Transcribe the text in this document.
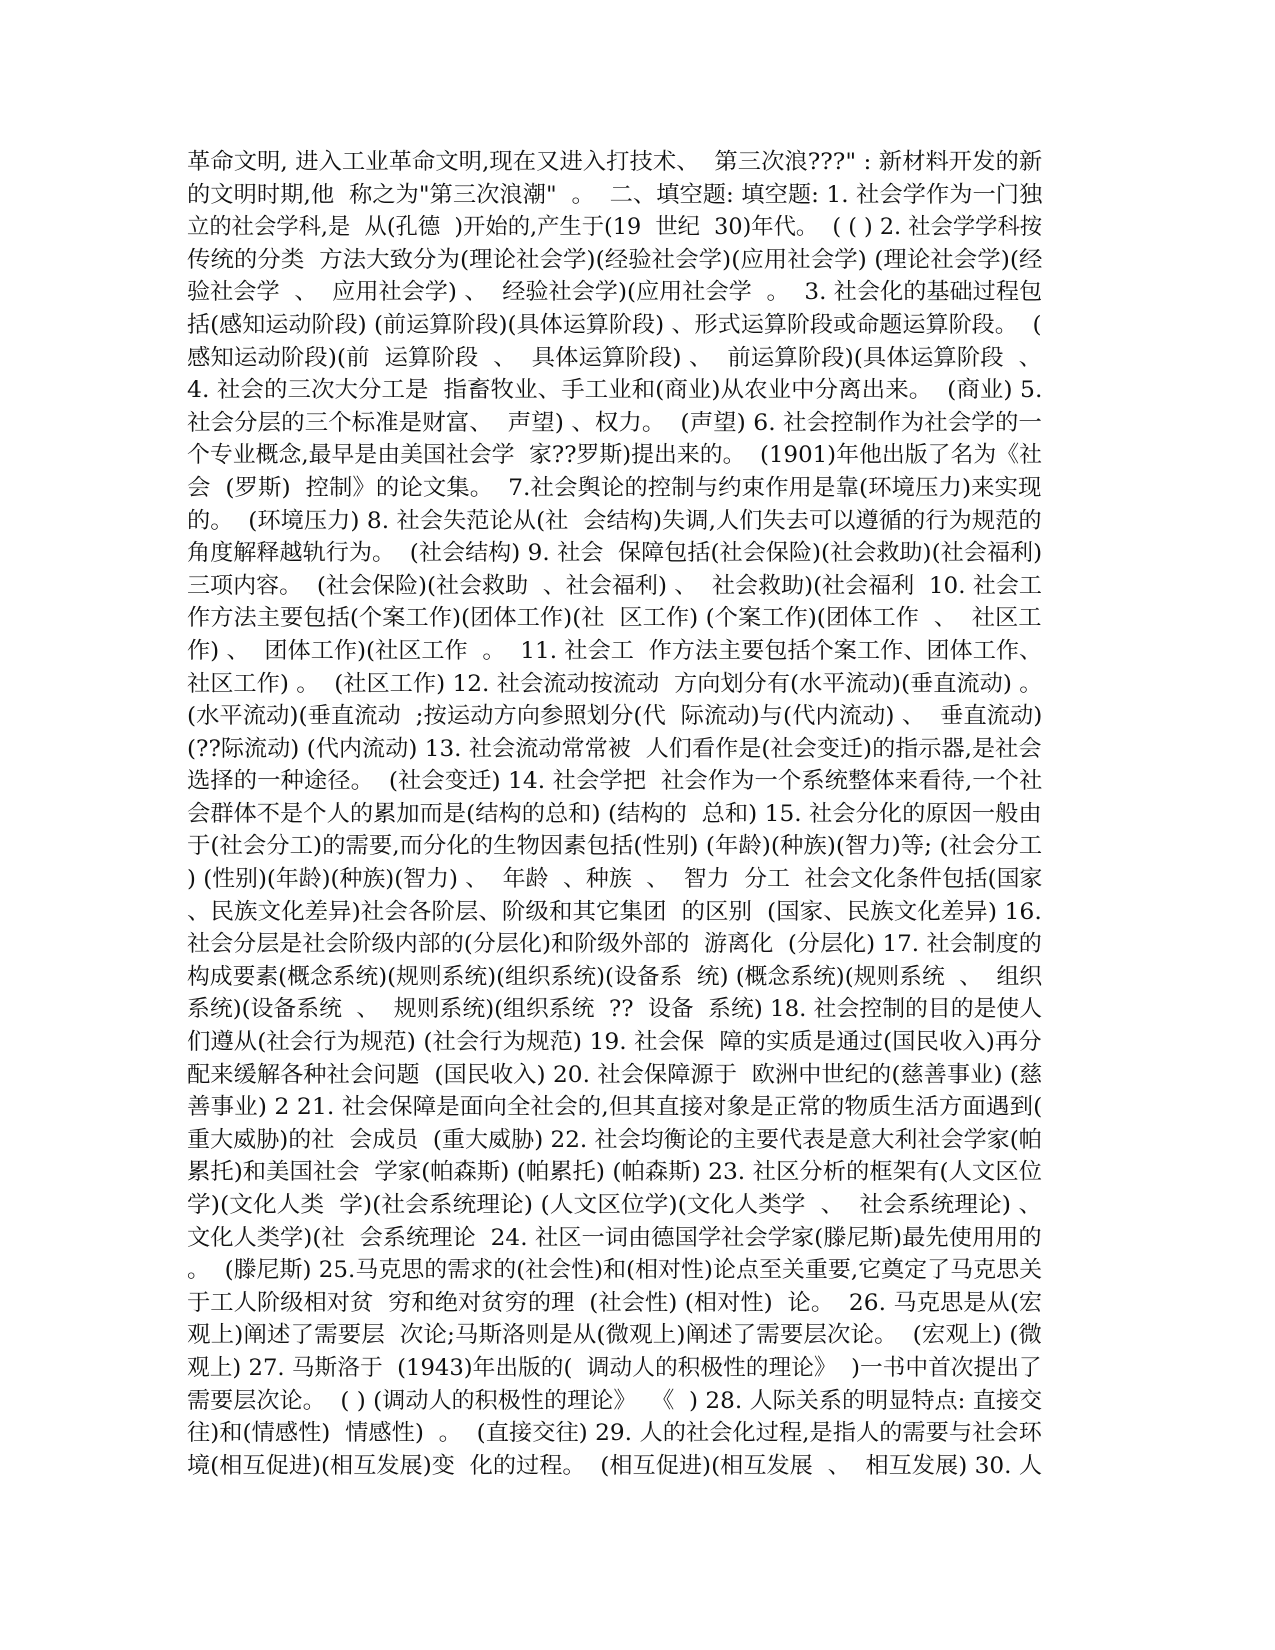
革命文明, 进入工业革命文明,现在又进入打技术、  第三次浪???" : 新材料开发的新
的文明时期,他  称之为"第三次浪潮"  。  二、填空题: 填空题: 1. 社会学作为一门独
立的社会学科,是  从(孔德  )开始的,产生于(19  世纪  30)年代。  ( ( ) 2. 社会学学科按
传统的分类  方法大致分为(理论社会学)(经验社会学)(应用社会学) (理论社会学)(经
验社会学  、  应用社会学) 、  经验社会学)(应用社会学  。  3. 社会化的基础过程包
括(感知运动阶段) (前运算阶段)(具体运算阶段) 、形式运算阶段或命题运算阶段。  (
感知运动阶段)(前  运算阶段  、  具体运算阶段) 、  前运算阶段)(具体运算阶段  、
4. 社会的三次大分工是  指畜牧业、手工业和(商业)从农业中分离出来。  (商业) 5.
社会分层的三个标准是财富、  声望) 、权力。  (声望) 6. 社会控制作为社会学的一
个专业概念,最早是由美国社会学  家??罗斯)提出来的。  (1901)年他出版了名为《社
会  (罗斯)  控制》的论文集。  7.社会舆论的控制与约束作用是靠(环境压力)来实现
的。  (环境压力) 8. 社会失范论从(社  会结构)失调,人们失去可以遵循的行为规范的
角度解释越轨行为。  (社会结构) 9. 社会  保障包括(社会保险)(社会救助)(社会福利)
三项内容。  (社会保险)(社会救助  、社会福利) 、  社会救助)(社会福利  10. 社会工
作方法主要包括(个案工作)(团体工作)(社  区工作) (个案工作)(团体工作  、  社区工
作) 、  团体工作)(社区工作  。  11. 社会工  作方法主要包括个案工作、团体工作、
社区工作) 。  (社区工作) 12. 社会流动按流动  方向划分有(水平流动)(垂直流动) 。
(水平流动)(垂直流动  ;按运动方向参照划分(代  际流动)与(代内流动) 、  垂直流动)
(??际流动) (代内流动) 13. 社会流动常常被  人们看作是(社会变迁)的指示器,是社会
选择的一种途径。  (社会变迁) 14. 社会学把  社会作为一个系统整体来看待,一个社
会群体不是个人的累加而是(结构的总和) (结构的  总和) 15. 社会分化的原因一般由
于(社会分工)的需要,而分化的生物因素包括(性别) (年龄)(种族)(智力)等; (社会分工
) (性别)(年龄)(种族)(智力) 、  年龄  、种族  、  智力  分工  社会文化条件包括(国家
、民族文化差异)社会各阶层、阶级和其它集团  的区别  (国家、民族文化差异) 16.
社会分层是社会阶级内部的(分层化)和阶级外部的  游离化  (分层化) 17. 社会制度的
构成要素(概念系统)(规则系统)(组织系统)(设备系  统) (概念系统)(规则系统  、  组织
系统)(设备系统  、  规则系统)(组织系统  ??  设备  系统) 18. 社会控制的目的是使人
们遵从(社会行为规范) (社会行为规范) 19. 社会保  障的实质是通过(国民收入)再分
配来缓解各种社会问题  (国民收入) 20. 社会保障源于  欧洲中世纪的(慈善事业) (慈
善事业) 2 21. 社会保障是面向全社会的,但其直接对象是正常的物质生活方面遇到(
重大威胁)的社  会成员  (重大威胁) 22. 社会均衡论的主要代表是意大利社会学家(帕
累托)和美国社会  学家(帕森斯) (帕累托) (帕森斯) 23. 社区分析的框架有(人文区位
学)(文化人类  学)(社会系统理论) (人文区位学)(文化人类学  、  社会系统理论) 、
文化人类学)(社  会系统理论  24. 社区一词由德国学社会学家(滕尼斯)最先使用用的
。  (滕尼斯) 25.马克思的需求的(社会性)和(相对性)论点至关重要,它奠定了马克思关
于工人阶级相对贫  穷和绝对贫穷的理  (社会性) (相对性)  论。  26. 马克思是从(宏
观上)阐述了需要层  次论;马斯洛则是从(微观上)阐述了需要层次论。  (宏观上) (微
观上) 27. 马斯洛于  (1943)年出版的(  调动人的积极性的理论》  )一书中首次提出了
需要层次论。  ( ) (调动人的积极性的理论》  《  ) 28. 人际关系的明显特点: 直接交
往)和(情感性)  情感性)  。  (直接交往) 29. 人的社会化过程,是指人的需要与社会环
境(相互促进)(相互发展)变  化的过程。  (相互促进)(相互发展  、  相互发展) 30. 人
